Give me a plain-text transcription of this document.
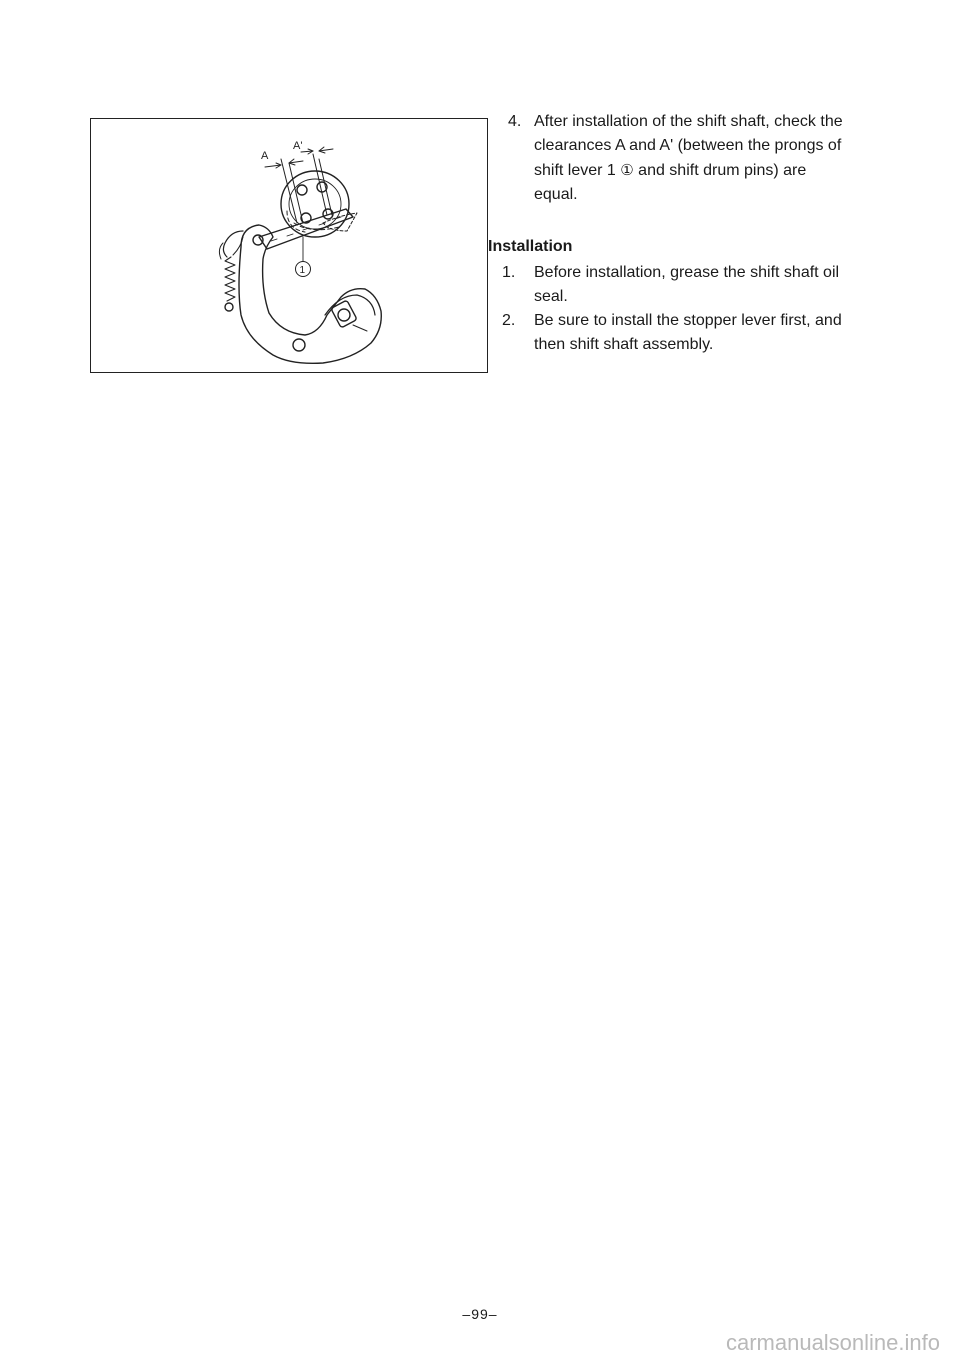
A
A'
1
4. After installation of the shift shaft, check the clearances A and A' (between the prongs of shift lever 1 ① and shift drum pins) are equal.
Installation
1. Before installation, grease the shift shaft oil seal.
2. Be sure to install the stopper lever first, and then shift shaft assembly.
–99–
carmanualsonline.info
